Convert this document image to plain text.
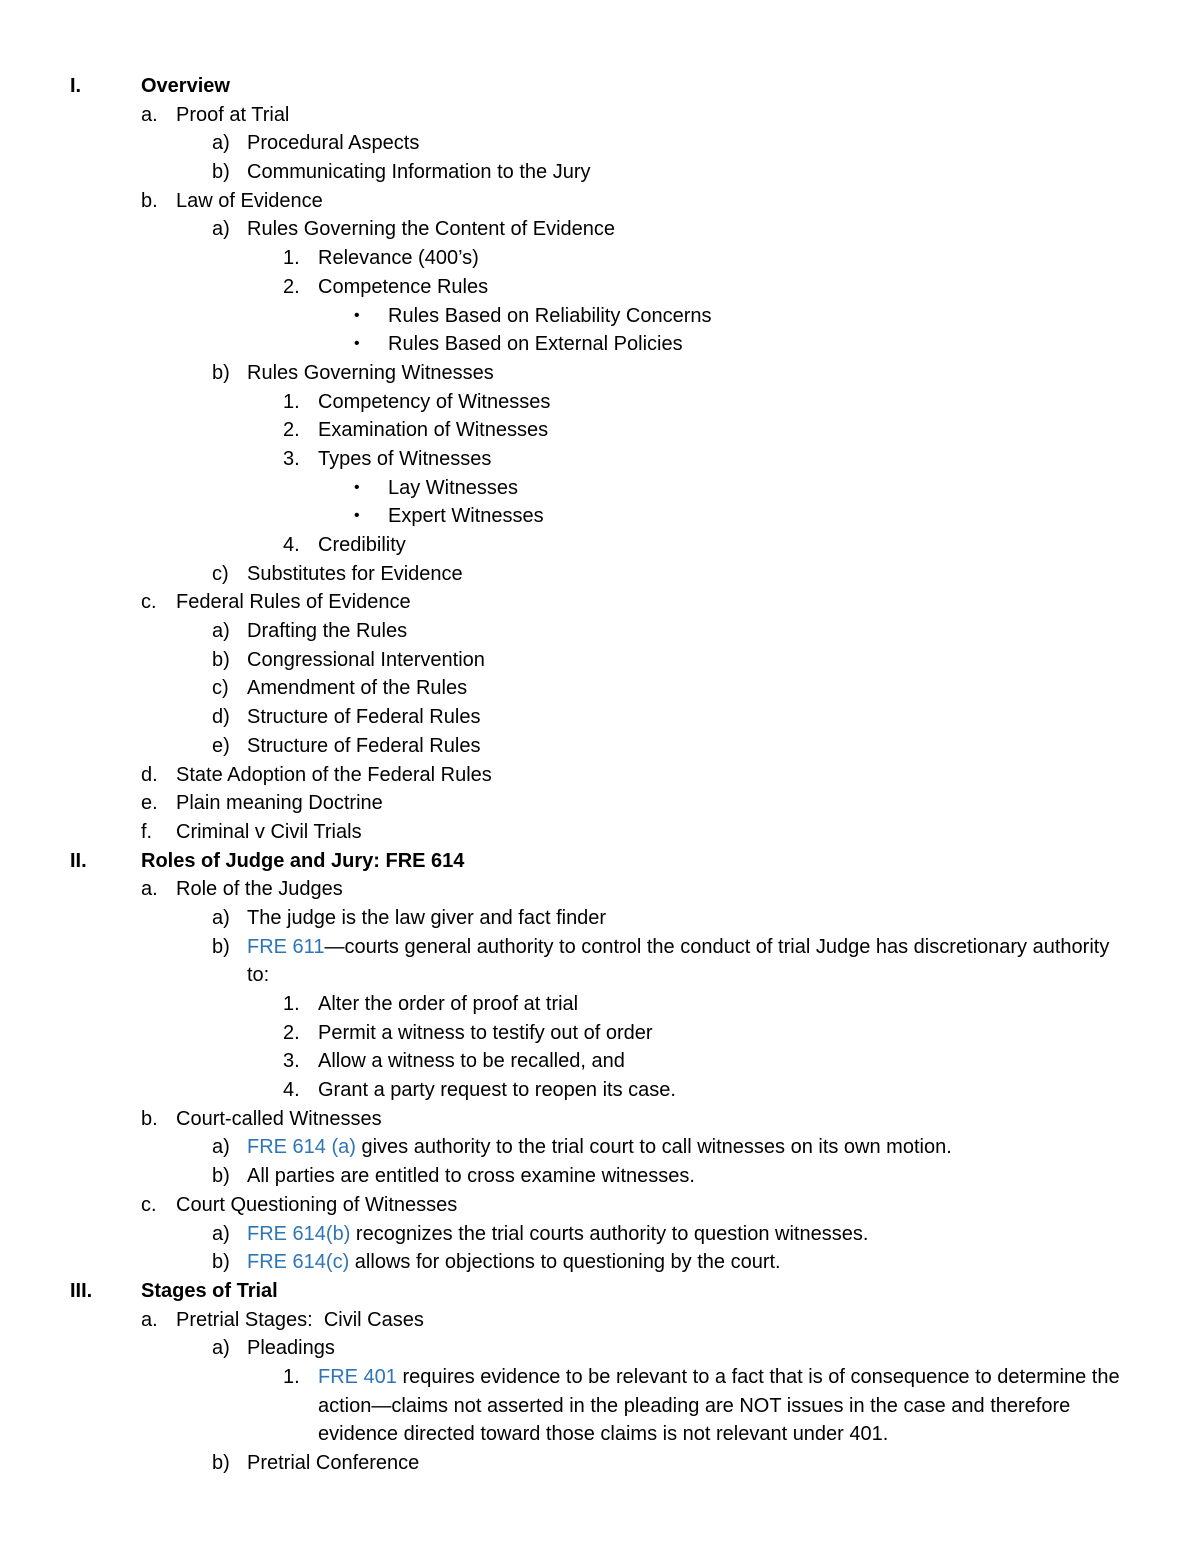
I.	Overview
a. Proof at Trial
a) Procedural Aspects
b) Communicating Information to the Jury
b. Law of Evidence
a) Rules Governing the Content of Evidence
1. Relevance (400’s)
2. Competence Rules
• Rules Based on Reliability Concerns
• Rules Based on External Policies
b) Rules Governing Witnesses
1. Competency of Witnesses
2. Examination of Witnesses
3. Types of Witnesses
• Lay Witnesses
• Expert Witnesses
4. Credibility
c) Substitutes for Evidence
c. Federal Rules of Evidence
a) Drafting the Rules
b) Congressional Intervention
c) Amendment of the Rules
d) Structure of Federal Rules
e) Structure of Federal Rules
d. State Adoption of the Federal Rules
e. Plain meaning Doctrine
f. Criminal v Civil Trials
II.	Roles of Judge and Jury: FRE 614
a. Role of the Judges
a) The judge is the law giver and fact finder
b) FRE 611—courts general authority to control the conduct of trial Judge has discretionary authority to:
1. Alter the order of proof at trial
2. Permit a witness to testify out of order
3. Allow a witness to be recalled, and
4. Grant a party request to reopen its case.
b. Court-called Witnesses
a) FRE 614 (a) gives authority to the trial court to call witnesses on its own motion.
b) All parties are entitled to cross examine witnesses.
c. Court Questioning of Witnesses
a) FRE 614(b) recognizes the trial courts authority to question witnesses.
b) FRE 614(c) allows for objections to questioning by the court.
III. Stages of Trial
a. Pretrial Stages:  Civil Cases
a) Pleadings
1. FRE 401 requires evidence to be relevant to a fact that is of consequence to determine the action—claims not asserted in the pleading are NOT issues in the case and therefore evidence directed toward those claims is not relevant under 401.
b) Pretrial Conference
